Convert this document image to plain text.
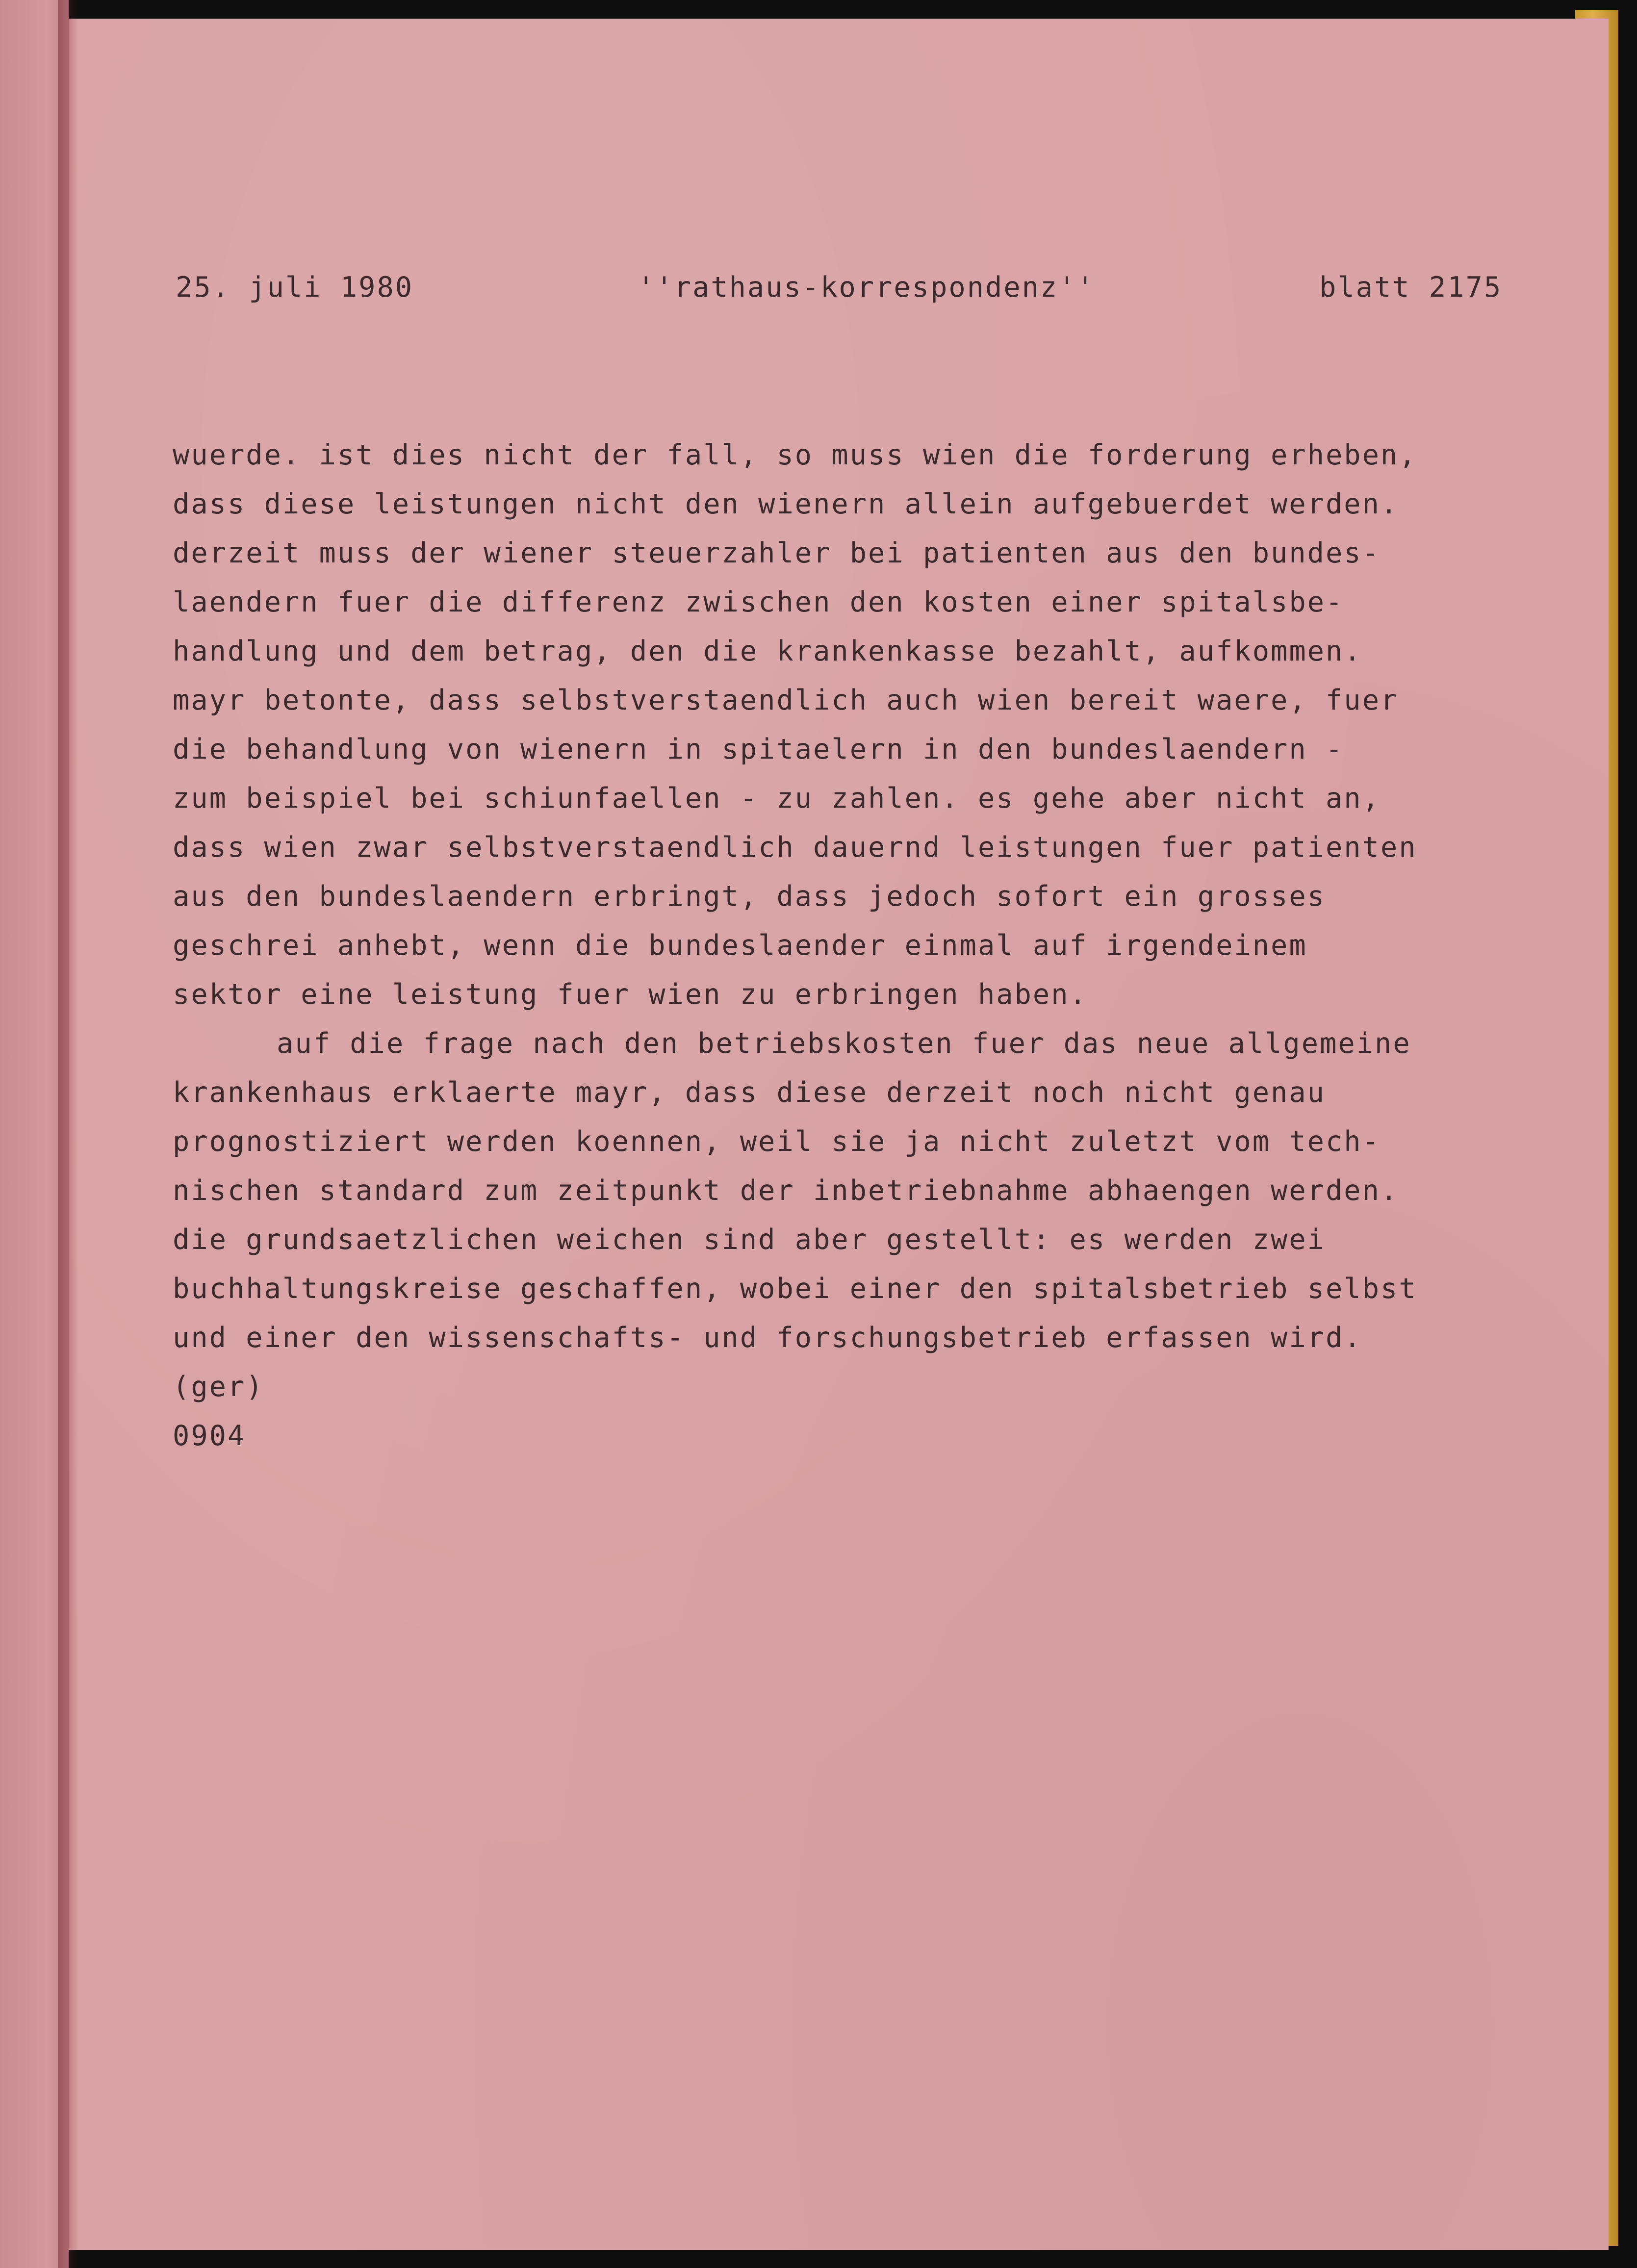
25. juli 1980	''rathaus-korrespondenz''	blatt 2175
wuerde. ist dies nicht der fall, so muss wien die forderung erheben,
dass diese leistungen nicht den wienern allein aufgebuerdet werden.
derzeit muss der wiener steuerzahler bei patienten aus den bundes-
laendern fuer die differenz zwischen den kosten einer spitalsbe-
handlung und dem betrag, den die krankenkasse bezahlt, aufkommen.
mayr betonte, dass selbstverstaendlich auch wien bereit waere, fuer
die behandlung von wienern in spitaelern in den bundeslaendern -
zum beispiel bei schiunfaellen - zu zahlen. es gehe aber nicht an,
dass wien zwar selbstverstaendlich dauernd leistungen fuer patienten
aus den bundeslaendern erbringt, dass jedoch sofort ein grosses
geschrei anhebt, wenn die bundeslaender einmal auf irgendeinem
sektor eine leistung fuer wien zu erbringen haben.
auf die frage nach den betriebskosten fuer das neue allgemeine
krankenhaus erklaerte mayr, dass diese derzeit noch nicht genau
prognostiziert werden koennen, weil sie ja nicht zuletzt vom tech-
nischen standard zum zeitpunkt der inbetriebnahme abhaengen werden.
die grundsaetzlichen weichen sind aber gestellt: es werden zwei
buchhaltungskreise geschaffen, wobei einer den spitalsbetrieb selbst
und einer den wissenschafts- und forschungsbetrieb erfassen wird.
(ger)
0904
